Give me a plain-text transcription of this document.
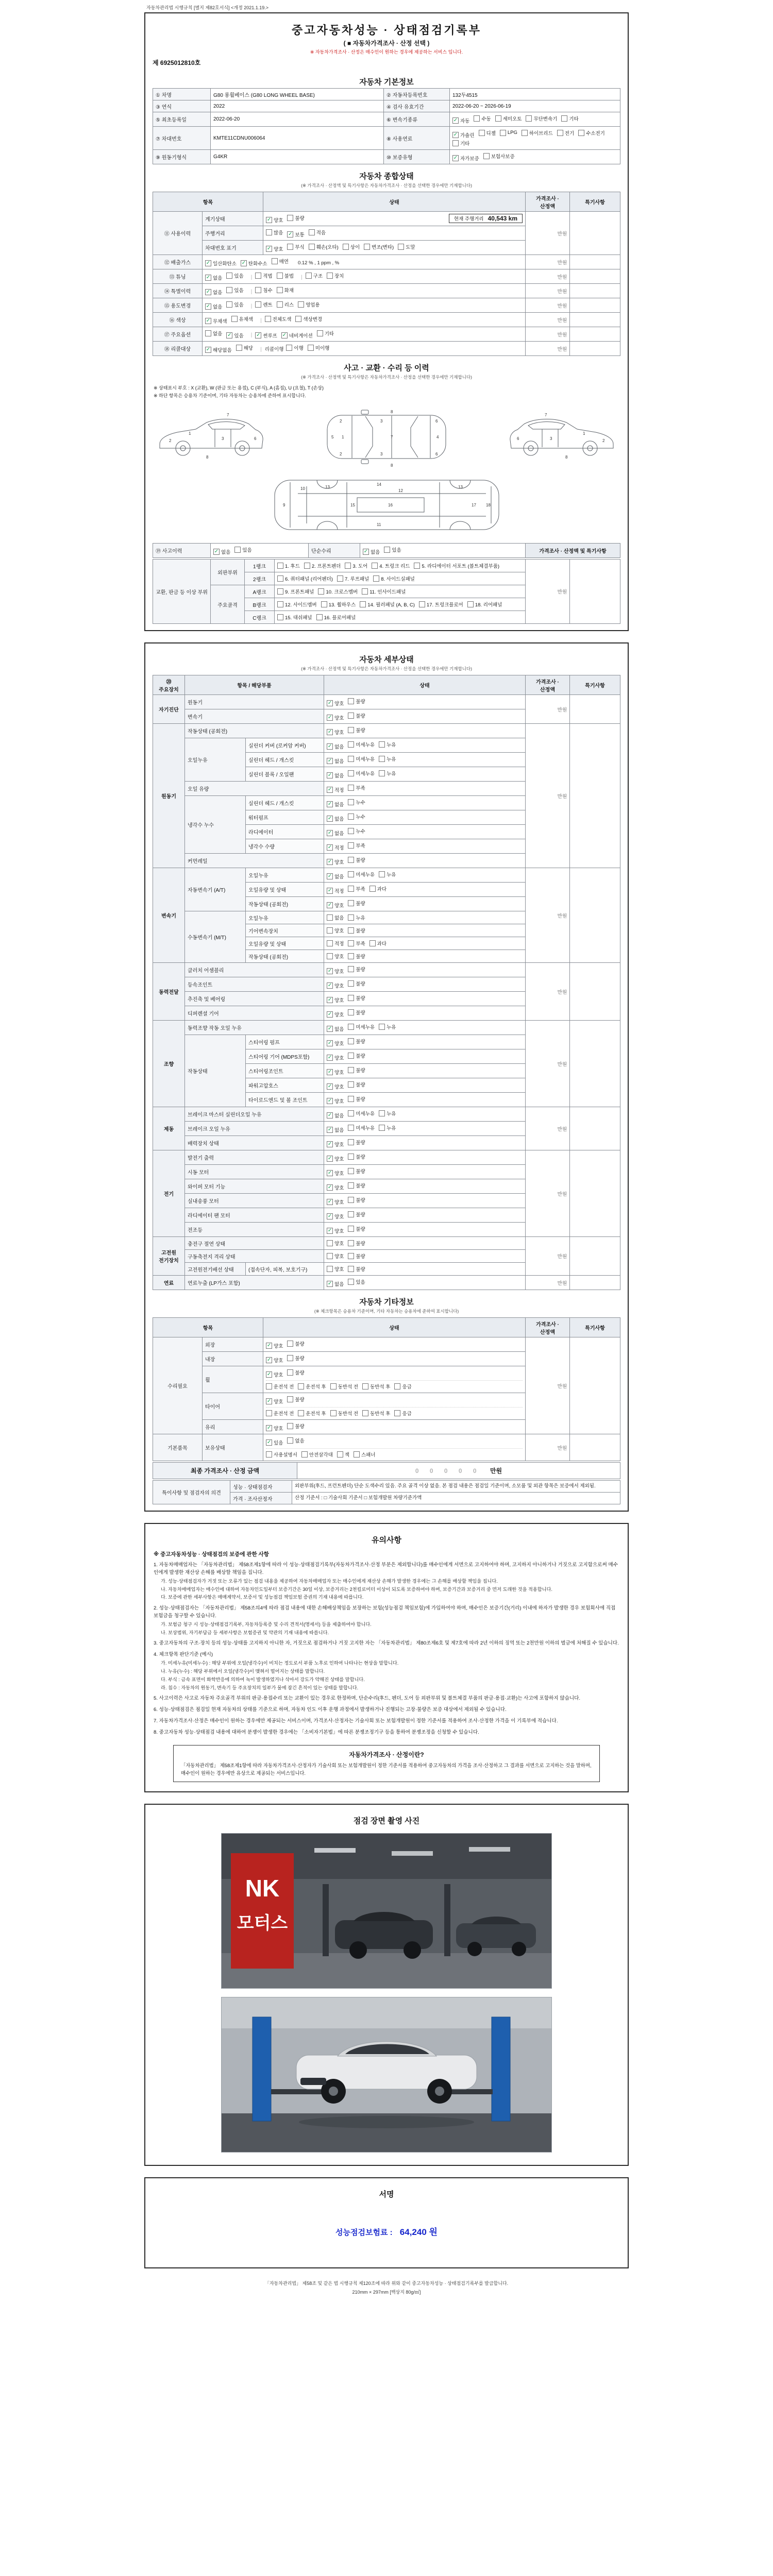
자동차관리법 시행규칙 [별지 제82호서식] <개정 2021.1.19.>
중고자동차성능 · 상태점검기록부
( ■ 자동차가격조사 · 산정 선택 )
※ 자동차가격조사 · 산정은 매수인이 원하는 경우에 제공하는 서비스 입니다.
제 6925012810호
자동차 기본정보
① 차명	G80 롱휠베이스 (G80 LONG WHEEL BASE)	② 자동차등록번호	132두4515
③ 연식	2022	④ 검사 유효기간	2022-06-20 ~ 2026-06-19
⑤ 최초등록일	2022-06-20	⑥ 변속기종류	✓ 자동 수동 세미오토 무단변속기 기타

⑦ 차대번호	KMTE11CDNU006064	⑧ 사용연료	
✓ 가솔린 디젤 LPG 하이브리드 전기 수소전기
기타

⑨ 원동기형식	G4KR	⑩ 보증유형	✓ 자가보증 보험사보증
자동차 종합상태
(※ 가격조사 · 산정액 및 특기사항은 자동차가격조사 · 산정을 선택한 경우에만 기재합니다)
항목		상태	가격조사 · 산정액	특기사항
⑪ 사용이력	계기상태	✓ 양호 불량 현재 주행거리 40,543 km	만원	
	주행거리	많음 ✓ 보통 적음		

차대번호 표기	✓ 양호 부식 훼손(오타) 상이 변조(변타) 도말

⑫ 배출가스	✓ 일산화탄소 ✓ 탄화수소 매연 0.12 % , 1 ppm , %	만원	
⑬ 튜닝	✓ 없음 있음 | 적법 불법 | 구조 장치	만원	
⑭ 특별이력	✓ 없음 있음 | 침수 화재	만원	
⑮ 용도변경	✓ 없음 있음 | 렌트 리스 영업용	만원	
⑯ 색상	✓ 무채색 유채색 | 전체도색 색상변경	만원	
⑰ 주요옵션	없음 ✓ 있음 | ✓ 썬루프 ✓ 네비게이션 기타	만원	
⑱ 리콜대상	✓ 해당없음 해당 | 리콜이행 이행 미이행	만원	
사고 · 교환 · 수리 등 이력
(※ 가격조사 · 산정액 및 특기사항은 자동차가격조사 · 산정을 선택한 경우에만 기재합니다)
※ 상태표시 부호 : X (교환), W (판금 또는 용접), C (부식), A (흠집), U (요철), T (손상)
※ 하단 항목은 승용차 기준이며, 기타 자동차는 승용차에 준하여 표시합니다.
1
2	3	6
7
8
5 1
2
2
3
3
7
6
6
4
8
8
1
2
3
6
7
8
9
10	12
13	13
15	16
14
11
17 18
⑲ 사고이력	✓ 없음 있음	단순수리	✓ 없음 있음	가격조사 · 산정액 및 특기사항
교환, 판금 등 이상 부위	외판부위	1랭크	1. 후드 2. 프론트펜더 3. 도어 4. 트렁크 리드 5. 라디에이터 서포트 (볼트체결부품)	만원	
		2랭크	6. 쿼터패널 (리어펜더) 7. 루프패널 8. 사이드실패널		

	주요골격	A랭크	9. 프론트패널 10. 크로스멤버 11. 인사이드패널		

		B랭크	12. 사이드멤버 13. 휠하우스 14. 필러패널 (A, B, C) 17. 트렁크플로어 18. 리어패널		

		C랭크	15. 대쉬패널 16. 플로어패널		
자동차 세부상태
(※ 가격조사 · 산정액 및 특기사항은 자동차가격조사 · 산정을 선택한 경우에만 기재합니다)
⑳ 주요장치	항목 / 해당부품		상태	가격조사 · 산정액	특기사항
자기진단	원동기		✓ 양호 불량	만원	
	변속기		✓ 양호 불량		

원동기	작동상태 (공회전)		✓ 양호 불량	만원	
	오일누유	실린더 커버 (로커암 커버)	✓ 없음 미세누유 누유		

		실린더 헤드 / 개스킷	✓ 없음 미세누유 누유		

		실린더 블록 / 오일팬	✓ 없음 미세누유 누유		

	오일 유량		✓ 적정 부족		

	냉각수 누수	실린더 헤드 / 개스킷	✓ 없음 누수		

		워터펌프	✓ 없음 누수		

		라디에이터	✓ 없음 누수		

		냉각수 수량	✓ 적정 부족		

	커먼레일		✓ 양호 불량		

변속기	자동변속기 (A/T)	오일누유	✓ 없음 미세누유 누유	만원	
		오일유량 및 상태	✓ 적정 부족 과다		

		작동상태 (공회전)	✓ 양호 불량		

	수동변속기 (M/T)	오일누유	없음 누유		

		기어변속장치	양호 불량		

		오일유량 및 상태	적정 부족 과다		

		작동상태 (공회전)	양호 불량		

동력전달	클러치 어셈블리		✓ 양호 불량	만원	
	등속조인트		✓ 양호 불량		

	추진축 및 베어링		✓ 양호 불량		

	디퍼렌셜 기어		✓ 양호 불량		

조향	동력조향 작동 오일 누유		✓ 없음 미세누유 누유	만원	
	작동상태	스티어링 펌프	✓ 양호 불량		

		스티어링 기어 (MDPS포함)	✓ 양호 불량		

		스티어링조인트	✓ 양호 불량		

		파워고압호스	✓ 양호 불량		

		타이로드엔드 및 볼 조인트	✓ 양호 불량		

제동	브레이크 마스터 실린더오일 누유		✓ 없음 미세누유 누유	만원	
	브레이크 오일 누유		✓ 없음 미세누유 누유		

	배력장치 상태		✓ 양호 불량		

전기	발전기 출력		✓ 양호 불량	만원	
	시동 모터		✓ 양호 불량		

	와이퍼 모터 기능		✓ 양호 불량		

	실내송풍 모터		✓ 양호 불량		

	라디에이터 팬 모터		✓ 양호 불량		

	전조등		✓ 양호 불량		

고전원 전기장치	충전구 절연 상태		양호 불량	만원	
	구동축전지 격리 상태		양호 불량		

	고전원전기배선 상태	(접속단자, 피복, 보호기구)	양호 불량		

연료	연료누출 (LP가스 포함)		✓ 없음 있음	만원	
자동차 기타정보
(※ 체크항목은 승용차 기준이며, 기타 자동차는 승용차에 준하여 표시합니다)
항목		상태	가격조사 · 산정액	특기사항
수리필요	외장	✓ 양호 불량	만원	
	내장	✓ 양호 불량		

휠	
✓ 양호 불량
운전석 전 운전석 후 동반석 전 동반석 후 응급

타이어	
✓ 양호 불량
운전석 전 운전석 후 동반석 전 동반석 후 응급

	유리	✓ 양호 불량		

기본품목	보유상태	
✓ 있음 없음
사용설명서 안전삼각대 잭 스패너
	만원	
최종 가격조사 · 산정 금액	0 0 0 0 0 만원
특이사항 및 점검자의 의견	성능 · 상태점검자	외판부위(후드, 프런트펜더) 단순 도색수리 있음. 주요 골격 이상 없음. 본 점검 내용은 점검일 기준이며, 소모품 및 외관 항목은 보증에서 제외됨.
	가격 · 조사산정자	산정 기준서 : □ 기술사회 기준서 □ 보험개발원 차량기준가액
유의사항
※ 중고자동차성능 · 상태점검의 보증에 관한 사항
1. 자동차매매업자는 「자동차관리법」 제58조제1항에 따라 이 성능·상태점검기록부(자동차가격조사·산정 부분은 제외합니다)를 매수인에게 서면으로 고지하여야 하며, 고지하지 아니하거나 거짓으로 고지함으로써 매수인에게 발생한 재산상 손해를 배상할 책임을 집니다.
가. 성능·상태점검자가 거짓 또는 오류가 있는 점검 내용을 제공하여 자동차매매업자 또는 매수인에게 재산상 손해가 발생한 경우에는 그 손해를 배상할 책임을 집니다.
나. 자동차매매업자는 매수인에 대하여 자동차인도일부터 보증기간은 30일 이상, 보증거리는 2천킬로미터 이상이 되도록 보증하여야 하며, 보증기간과 보증거리 중 먼저 도래한 것을 적용합니다.
다. 보증에 관한 세부사항은 매매계약서, 보증서 및 성능점검 책임보험 증권의 기재 내용에 따릅니다.
2. 성능·상태점검자는 「자동차관리법」 제58조의4에 따라 점검 내용에 대한 손해배상책임을 보장하는 보험(성능점검 책임보험)에 가입하여야 하며, 매수인은 보증기간(거리) 이내에 하자가 발생한 경우 보험회사에 직접 보험금을 청구할 수 있습니다.
가. 보험금 청구 시 성능·상태점검기록부, 자동차등록증 및 수리 견적서(명세서) 등을 제출하여야 합니다.
나. 보상범위, 자기부담금 등 세부사항은 보험증권 및 약관의 기재 내용에 따릅니다.
3. 중고자동차의 구조·장치 등의 성능·상태를 고지하지 아니한 자, 거짓으로 점검하거나 거짓 고지한 자는 「자동차관리법」 제80조제6호 및 제7호에 따라 2년 이하의 징역 또는 2천만원 이하의 벌금에 처해질 수 있습니다.
4. 체크항목 판단기준 (예시)
가. 미세누유(미세누수) : 해당 부위에 오일(냉각수)이 비치는 정도로서 부품 노후로 인하여 나타나는 현상을 말합니다.
나. 누유(누수) : 해당 부위에서 오일(냉각수)이 맺혀서 떨어지는 상태를 말합니다.
다. 부식 : 금속 표면이 화학반응에 의하여 녹이 발생하였거나 삭아서 강도가 약해진 상태를 말합니다.
라. 침수 : 자동차의 원동기, 변속기 등 주요장치의 일부가 물에 잠긴 흔적이 있는 상태를 말합니다.
5. 사고이력은 사고로 자동차 주요골격 부위의 판금·용접수리 또는 교환이 있는 경우로 한정하며, 단순수리(후드, 펜더, 도어 등 외판부위 및 볼트체결 부품의 판금·용접·교환)는 사고에 포함하지 않습니다.
6. 성능·상태점검은 점검일 현재 자동차의 상태를 기준으로 하며, 자동차 인도 이후 운행 과정에서 발생하거나 진행되는 고장·불량은 보증 대상에서 제외될 수 있습니다.
7. 자동차가격조사·산정은 매수인이 원하는 경우에만 제공되는 서비스이며, 가격조사·산정자는 기술사회 또는 보험개발원이 정한 기준서를 적용하여 조사·산정한 가격을 이 기록부에 적습니다.
8. 중고자동차 성능·상태점검 내용에 대하여 분쟁이 발생한 경우에는 「소비자기본법」에 따른 분쟁조정기구 등을 통하여 분쟁조정을 신청할 수 있습니다.
자동차가격조사 · 산정이란?
「자동차관리법」 제58조제1항에 따라 자동차가격조사·산정자가 기술사회 또는 보험개발원이 정한 기준서를 적용하여 중고자동차의 가격을 조사·산정하고 그 결과를 서면으로 고지하는 것을 말하며, 매수인이 원하는 경우에만 유상으로 제공되는 서비스입니다.
점검 장면 촬영 사진
NK
모터스
서명
성능점검보험료 : 64,240 원
「자동차관리법」 제58조 및 같은 법 시행규칙 제120조에 따라 위와 같이 중고자동차성능 · 상태점검기록부를 발급합니다.
210mm × 297mm [백상지 80g/㎡]
